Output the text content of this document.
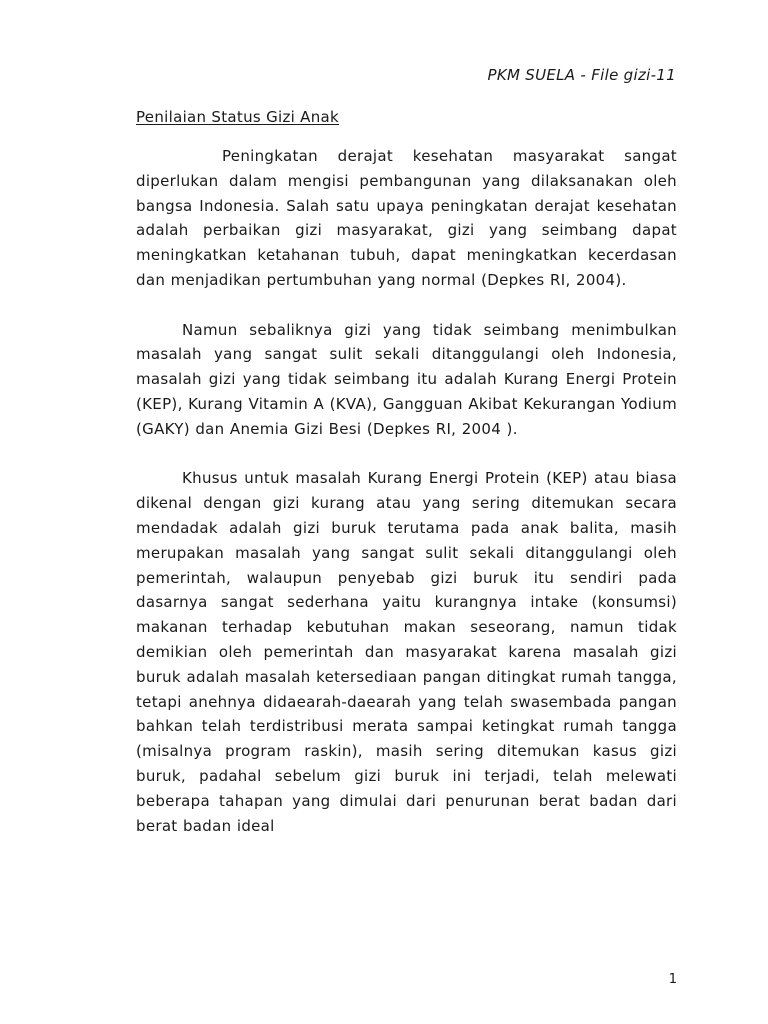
PKM SUELA - File gizi-11
Penilaian Status Gizi Anak

Peningkatan derajat kesehatan masyarakat sangat diperlukan dalam mengisi pembangunan yang dilaksanakan oleh bangsa Indonesia. Salah satu upaya peningkatan derajat kesehatan adalah perbaikan gizi masyarakat, gizi yang seimbang dapat meningkatkan ketahanan tubuh, dapat meningkatkan kecerdasan dan menjadikan pertumbuhan yang normal (Depkes RI, 2004).

Namun sebaliknya gizi yang tidak seimbang menimbulkan masalah yang sangat sulit sekali ditanggulangi oleh Indonesia, masalah gizi yang tidak seimbang itu adalah Kurang Energi Protein (KEP), Kurang Vitamin A (KVA), Gangguan Akibat Kekurangan Yodium (GAKY) dan Anemia Gizi Besi (Depkes RI, 2004 ).

Khusus untuk masalah Kurang Energi Protein (KEP) atau biasa dikenal dengan gizi kurang atau yang sering ditemukan secara mendadak adalah gizi buruk terutama pada anak balita, masih merupakan masalah yang sangat sulit sekali ditanggulangi oleh pemerintah, walaupun penyebab gizi buruk itu sendiri pada dasarnya sangat sederhana yaitu kurangnya intake (konsumsi) makanan terhadap kebutuhan makan seseorang, namun tidak demikian oleh pemerintah dan masyarakat karena masalah gizi buruk adalah masalah ketersediaan pangan ditingkat rumah tangga, tetapi anehnya didaearah-daearah yang telah swasembada pangan bahkan telah terdistribusi merata sampai ketingkat rumah tangga (misalnya program raskin), masih sering ditemukan kasus gizi buruk, padahal sebelum gizi buruk ini terjadi, telah melewati beberapa tahapan yang dimulai dari penurunan berat badan dari berat badan ideal

1
